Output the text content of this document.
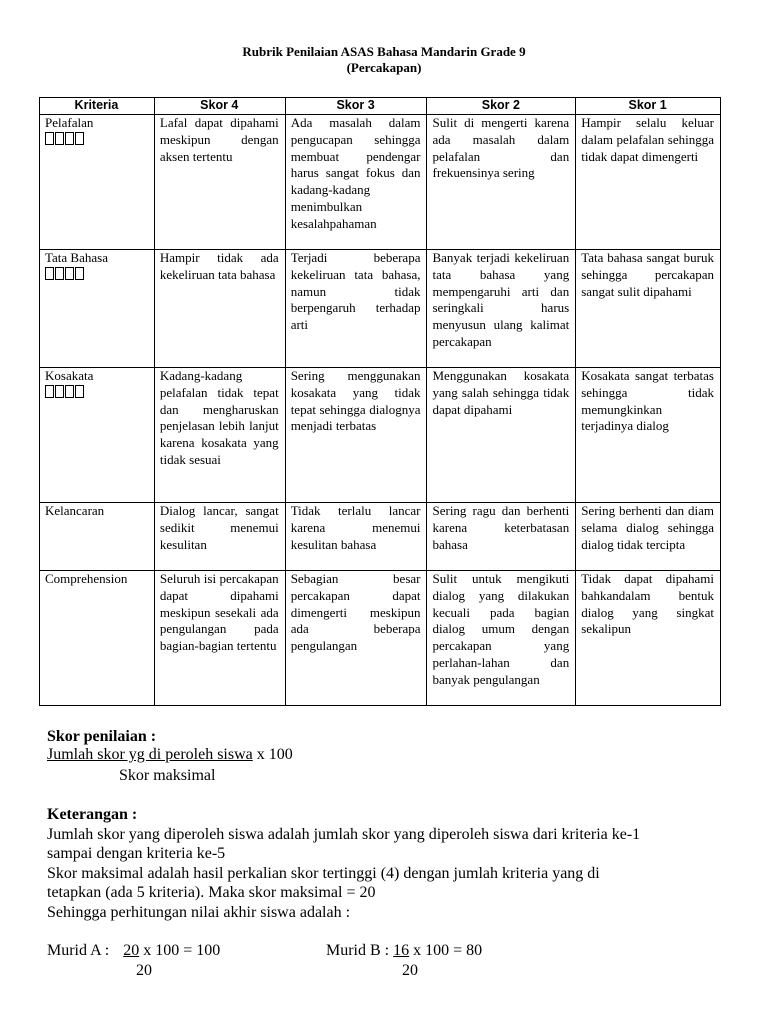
Rubrik Penilaian ASAS Bahasa Mandarin Grade 9
(Percakapan)
Kriteria	Skor 4	Skor 3	Skor 2	Skor 1

Pelafalan	Lafal dapat dipahami meskipun dengan aksen tertentu	Ada masalah dalam pengucapan sehingga membuat pendengar harus sangat fokus dan kadang-kadang menimbulkan kesalahpahaman	Sulit di mengerti karena ada masalah dalam pelafalan dan frekuensinya sering	Hampir selalu keluar dalam pelafalan sehingga tidak dapat dimengerti

Tata Bahasa	Hampir tidak ada kekeliruan tata bahasa	Terjadi beberapa kekeliruan tata bahasa, namun tidak berpengaruh terhadap arti	Banyak terjadi kekeliruan tata bahasa yang mempengaruhi arti dan seringkali harus menyusun ulang kalimat percakapan	Tata bahasa sangat buruk sehingga percakapan sangat sulit dipahami

Kosakata	Kadang-kadang pelafalan tidak tepat dan mengharuskan penjelasan lebih lanjut karena kosakata yang tidak sesuai	Sering menggunakan kosakata yang tidak tepat sehingga dialognya menjadi terbatas	Menggunakan kosakata yang salah sehingga tidak dapat dipahami	Kosakata sangat terbatas sehingga tidak memungkinkan terjadinya dialog

Kelancaran	Dialog lancar, sangat sedikit menemui kesulitan	Tidak terlalu lancar karena menemui kesulitan bahasa	Sering ragu dan berhenti karena keterbatasan bahasa	Sering berhenti dan diam selama dialog sehingga dialog tidak tercipta

Comprehension	Seluruh isi percakapan dapat dipahami meskipun sesekali ada pengulangan pada bagian-bagian tertentu	Sebagian besar percakapan dapat dimengerti meskipun ada beberapa pengulangan	Sulit untuk mengikuti dialog yang dilakukan kecuali pada bagian dialog umum dengan percakapan yang perlahan-lahan dan banyak pengulangan	Tidak dapat dipahami bahkandalam bentuk dialog yang singkat sekalipun
Skor penilaian :
Jumlah skor yg di peroleh siswa x 100
Skor maksimal
Keterangan :
Jumlah skor yang diperoleh siswa adalah jumlah skor yang diperoleh siswa dari kriteria ke-1
sampai dengan kriteria ke-5
Skor maksimal adalah hasil perkalian skor tertinggi (4) dengan jumlah kriteria yang di
tetapkan (ada 5 kriteria). Maka skor maksimal = 20
Sehingga perhitungan nilai akhir siswa adalah :
Murid A : 20 x 100 = 100
20
Murid B : 16 x 100 = 80
20
